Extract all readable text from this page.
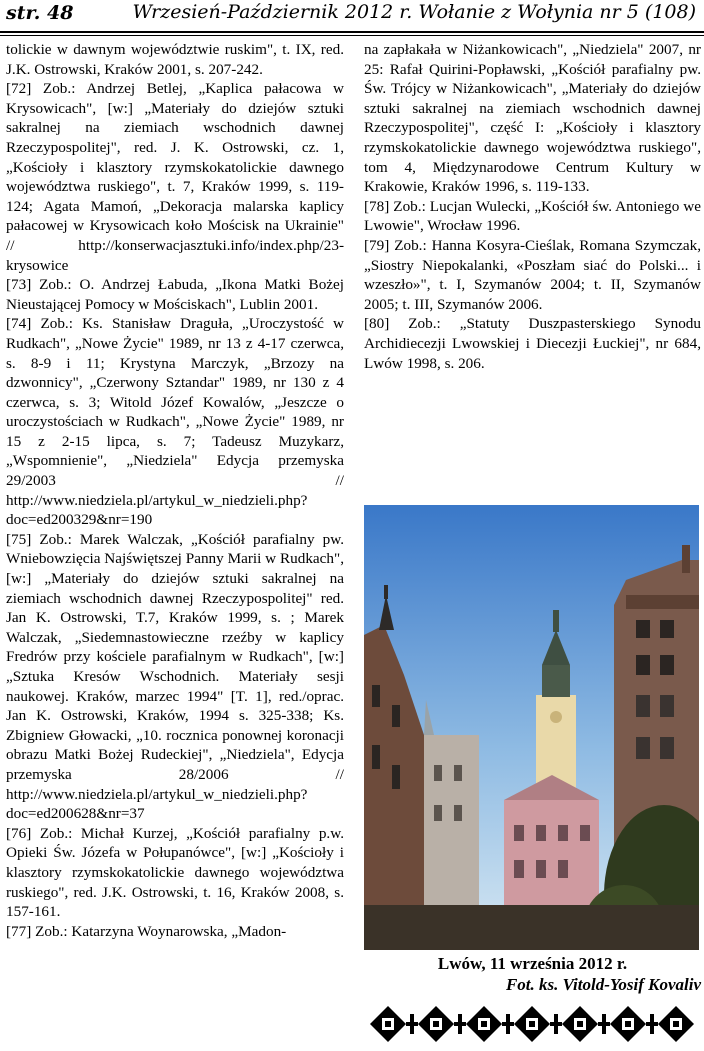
str. 48	Wrzesień-Październik 2012 r. Wołanie z Wołynia nr 5 (108)

tolickie w dawnym województwie ruskim", t. IX, red. J.K. Ostrowski, Kraków 2001, s. 207-242.

[72] Zob.: Andrzej Betlej, „Kaplica pałacowa w Krysowicach", [w:] „Materiały do dziejów sztuki sakralnej na ziemiach wschodnich dawnej Rzeczypospolitej", red. J. K. Ostrowski, cz. 1, „Kościoły i klasztory rzymskokatolickie dawnego województwa ruskiego", t. 7, Kraków 1999, s. 119-124; Agata Mamoń, „Dekoracja malarska kaplicy pałacowej w Krysowicach koło Mościsk na Ukrainie" // http://konserwacjasztuki.info/index.php/23-krysowice

[73] Zob.: O. Andrzej Łabuda, „Ikona Matki Bożej Nieustającej Pomocy w Mościskach", Lublin 2001.

[74] Zob.: Ks. Stanisław Draguła, „Uroczystość w Rudkach", „Nowe Życie" 1989, nr 13 z 4-17 czerwca, s. 8-9 i 11; Krystyna Marczyk, „Brzozy na dzwonnicy", „Czerwony Sztandar" 1989, nr 130 z 4 czerwca, s. 3; Witold Józef Kowalów, „Jeszcze o uroczystościach w Rudkach", „Nowe Życie" 1989, nr 15 z 2-15 lipca, s. 7; Tadeusz Muzykarz, „Wspomnienie", „Niedziela" Edycja przemyska 29/2003 // http://www.niedziela.pl/artykul_w_niedzieli.php?doc=ed200329&nr=190

[75] Zob.: Marek Walczak, „Kościół parafialny pw. Wniebowzięcia Najświętszej Panny Marii w Rudkach", [w:] „Materiały do dziejów sztuki sakralnej na ziemiach wschodnich dawnej Rzeczypospolitej" red. Jan K. Ostrowski, T.7, Kraków 1999, s. ; Marek Walczak, „Siedemnastowieczne rzeźby w kaplicy Fredrów przy kościele parafialnym w Rudkach", [w:] „Sztuka Kresów Wschodnich. Materiały sesji naukowej. Kraków, marzec 1994" [T. 1], red./oprac. Jan K. Ostrowski, Kraków, 1994 s. 325-338; Ks. Zbigniew Głowacki, „10. rocznica ponownej koronacji obrazu Matki Bożej Rudeckiej", „Niedziela", Edycja przemyska 28/2006 // http://www.niedziela.pl/artykul_w_niedzieli.php?doc=ed200628&nr=37

[76] Zob.: Michał Kurzej, „Kościół parafialny p.w. Opieki Św. Józefa w Połupanówce", [w:] „Kościoły i klasztory rzymskokatolickie dawnego województwa ruskiego", red. J.K. Ostrowski, t. 16, Kraków 2008, s. 157-161.

[77] Zob.: Katarzyna Woynarowska, „Madon-

na zapłakała w Niżankowicach", „Niedziela" 2007, nr 25: Rafał Quirini-Popławski, „Kościół parafialny pw. Św. Trójcy w Niżankowicach", „Materiały do dziejów sztuki sakralnej na ziemiach wschodnich dawnej Rzeczypospolitej", część I: „Kościoły i klasztory rzymskokatolickie dawnego województwa ruskiego", tom 4, Międzynarodowe Centrum Kultury w Krakowie, Kraków 1996, s. 119-133.

[78] Zob.: Lucjan Wulecki, „Kościół św. Antoniego we Lwowie", Wrocław 1996.

[79] Zob.: Hanna Kosyra-Cieślak, Romana Szymczak, „Siostry Niepokalanki, «Poszłam siać do Polski... i wzeszło»", t. I, Szymanów 2004; t. II, Szymanów 2005; t. III, Szymanów 2006.

[80] Zob.: „Statuty Duszpasterskiego Synodu Archidiecezji Lwowskiej i Diecezji Łuckiej", nr 684, Lwów 1998, s. 206.

Lwów, 11 września 2012 r.
Fot. ks. Vitold-Yosif Kovaliv
